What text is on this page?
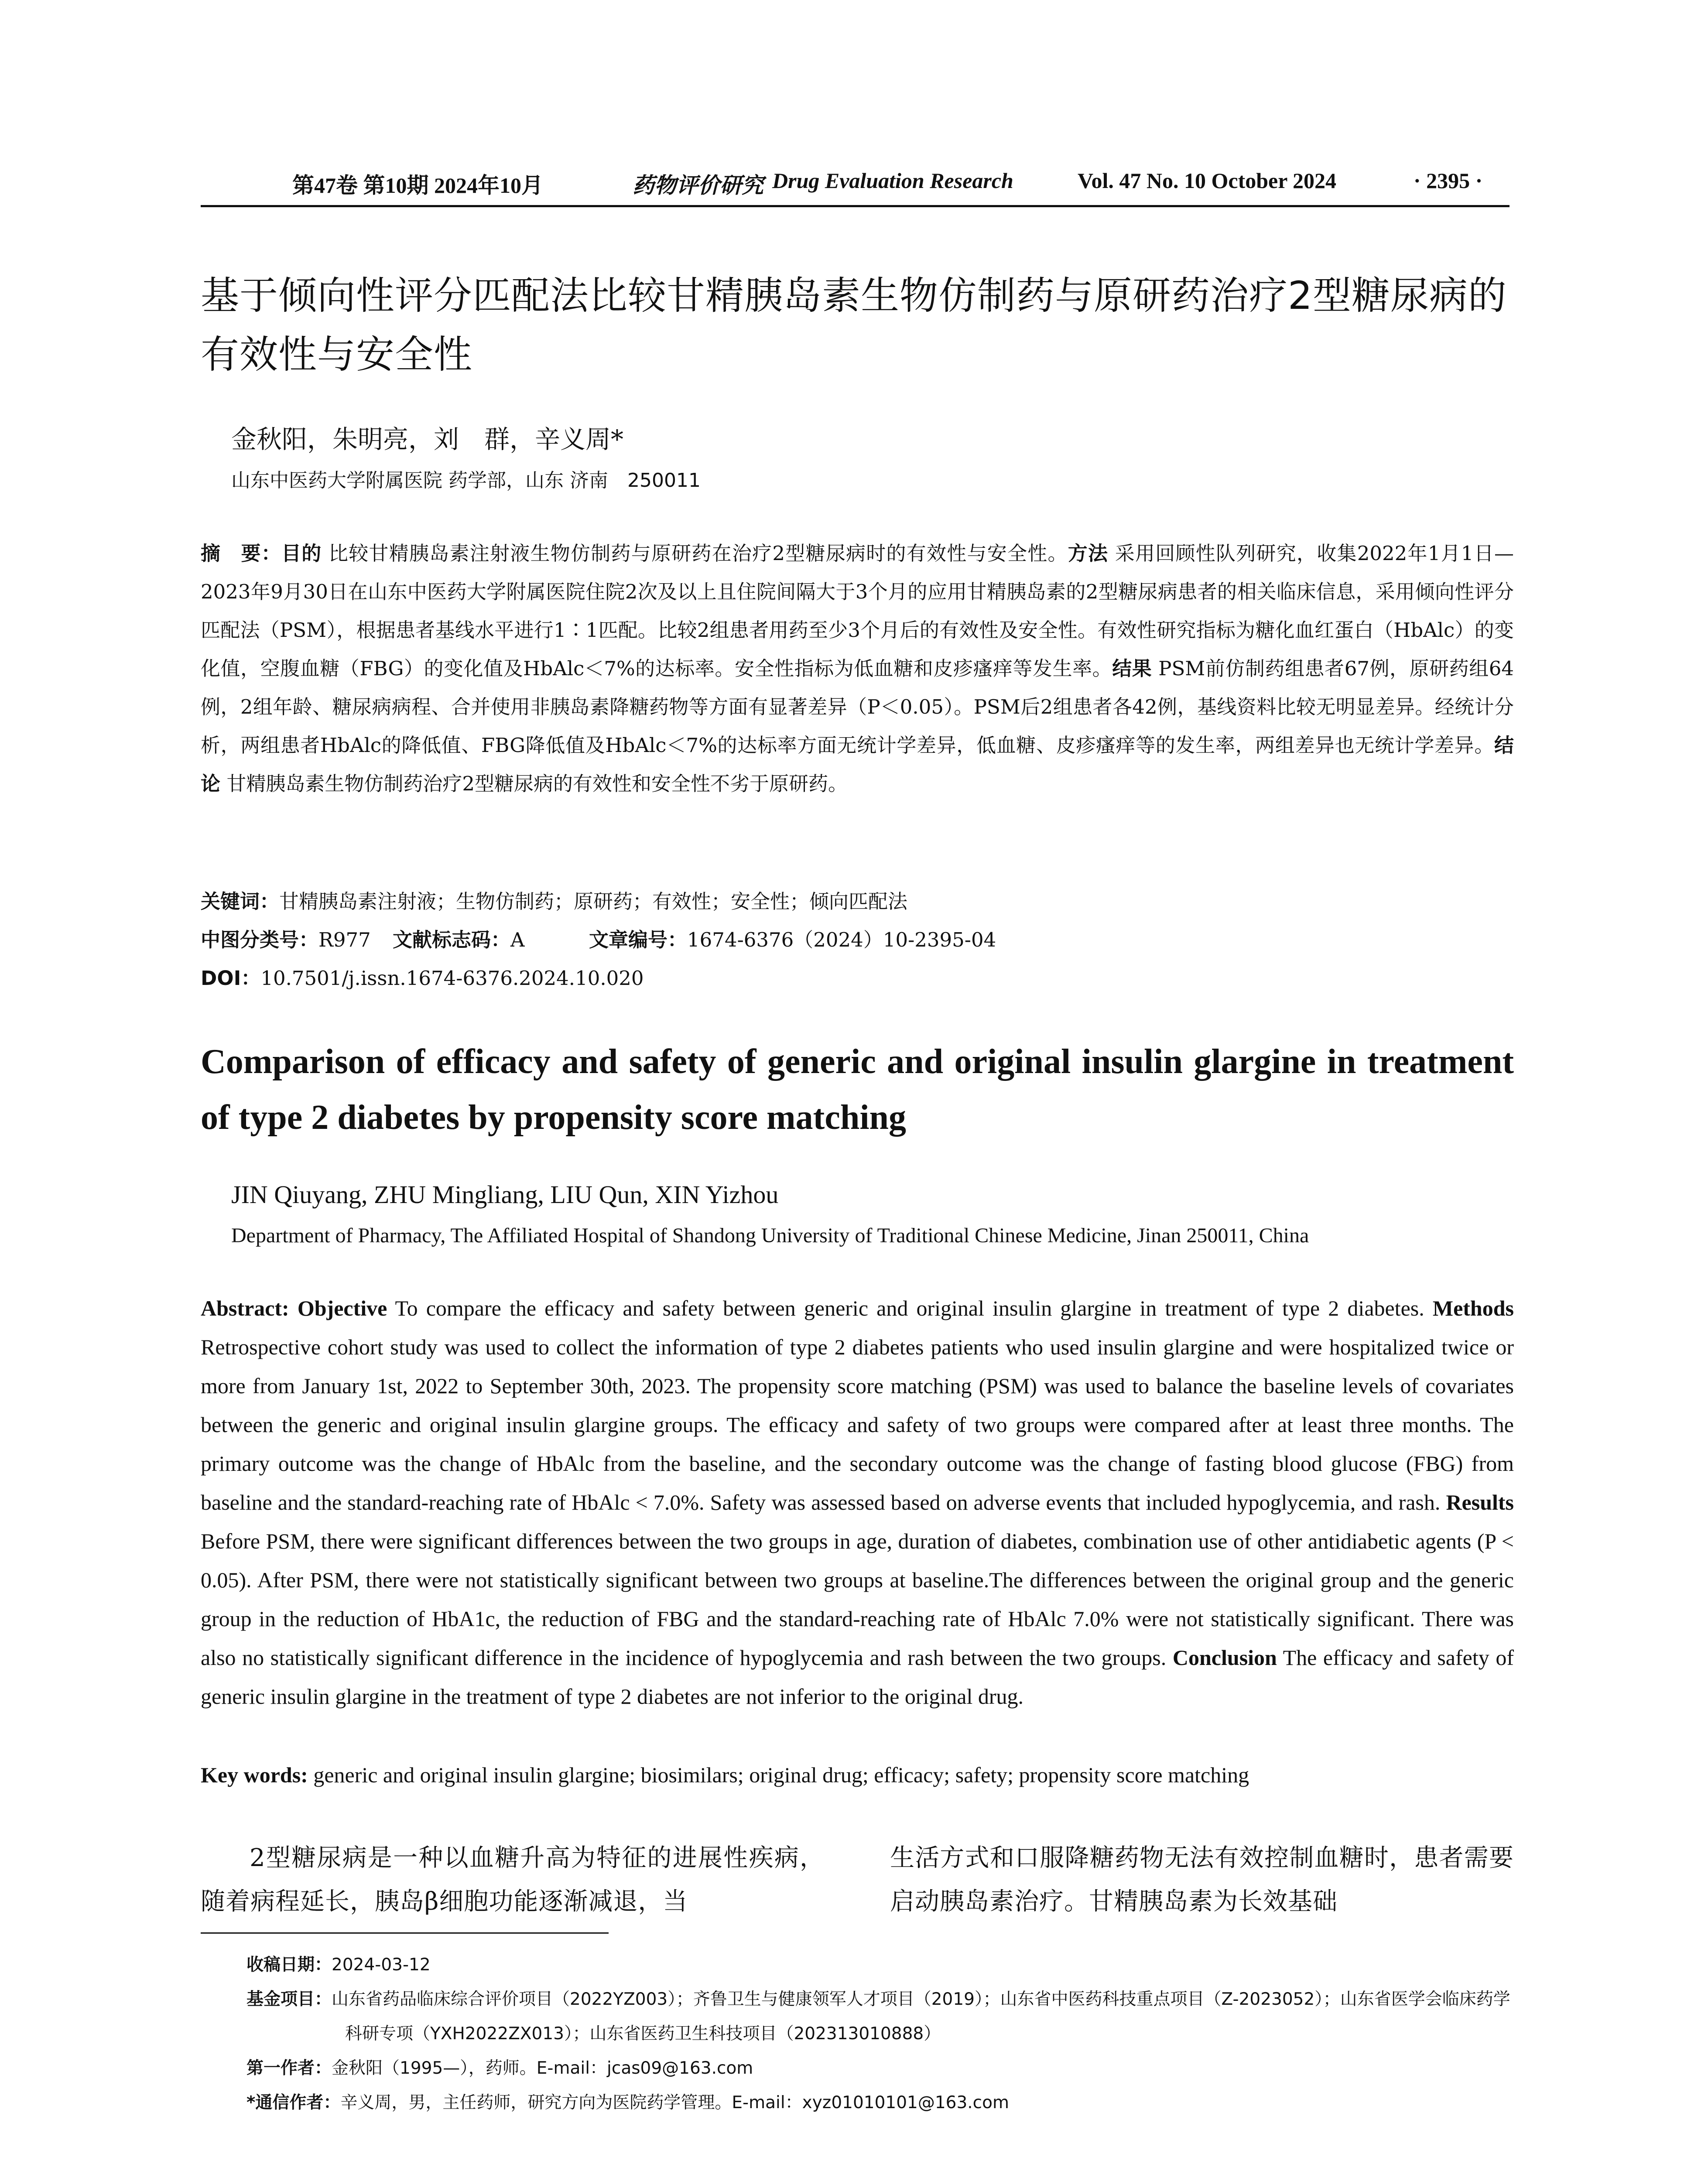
第47卷 第10期 2024年10月	药物评价研究 Drug Evaluation Research	Vol. 47 No. 10 October 2024	· 2395 ·
基于倾向性评分匹配法比较甘精胰岛素生物仿制药与原研药治疗2型糖尿病的有效性与安全性

金秋阳，朱明亮，刘　群，辛义周*

山东中医药大学附属医院 药学部，山东 济南　250011

摘　要：目的 比较甘精胰岛素注射液生物仿制药与原研药在治疗2型糖尿病时的有效性与安全性。方法 采用回顾性队列研究，收集2022年1月1日—2023年9月30日在山东中医药大学附属医院住院2次及以上且住院间隔大于3个月的应用甘精胰岛素的2型糖尿病患者的相关临床信息，采用倾向性评分匹配法（PSM），根据患者基线水平进行1∶1匹配。比较2组患者用药至少3个月后的有效性及安全性。有效性研究指标为糖化血红蛋白（HbAlc）的变化值，空腹血糖（FBG）的变化值及HbAlc＜7%的达标率。安全性指标为低血糖和皮疹瘙痒等发生率。结果 PSM前仿制药组患者67例，原研药组64例，2组年龄、糖尿病病程、合并使用非胰岛素降糖药物等方面有显著差异（P＜0.05）。PSM后2组患者各42例，基线资料比较无明显差异。经统计分析，两组患者HbAlc的降低值、FBG降低值及HbAlc＜7%的达标率方面无统计学差异，低血糖、皮疹瘙痒等的发生率，两组差异也无统计学差异。结论 甘精胰岛素生物仿制药治疗2型糖尿病的有效性和安全性不劣于原研药。

关键词：甘精胰岛素注射液；生物仿制药；原研药；有效性；安全性；倾向匹配法

中图分类号：R977 文献标志码：A	文章编号：1674-6376（2024）10-2395-04

DOI：10.7501/j.issn.1674-6376.2024.10.020

Comparison of efficacy and safety of generic and original insulin glargine in treatment of type 2 diabetes by propensity score matching

JIN Qiuyang, ZHU Mingliang, LIU Qun, XIN Yizhou

Department of Pharmacy, The Affiliated Hospital of Shandong University of Traditional Chinese Medicine, Jinan 250011, China

Abstract: Objective To compare the efficacy and safety between generic and original insulin glargine in treatment of type 2 diabetes. Methods Retrospective cohort study was used to collect the information of type 2 diabetes patients who used insulin glargine and were hospitalized twice or more from January 1st, 2022 to September 30th, 2023. The propensity score matching (PSM) was used to balance the baseline levels of covariates between the generic and original insulin glargine groups. The efficacy and safety of two groups were compared after at least three months. The primary outcome was the change of HbAlc from the baseline, and the secondary outcome was the change of fasting blood glucose (FBG) from baseline and the standard-reaching rate of HbAlc < 7.0%. Safety was assessed based on adverse events that included hypoglycemia, and rash. Results Before PSM, there were significant differences between the two groups in age, duration of diabetes, combination use of other antidiabetic agents (P < 0.05). After PSM, there were not statistically significant between two groups at baseline.The differences between the original group and the generic group in the reduction of HbA1c, the reduction of FBG and the standard-reaching rate of HbAlc 7.0% were not statistically significant. There was also no statistically significant difference in the incidence of hypoglycemia and rash between the two groups. Conclusion The efficacy and safety of generic insulin glargine in the treatment of type 2 diabetes are not inferior to the original drug.

Key words: generic and original insulin glargine; biosimilars; original drug; efficacy; safety; propensity score matching

2型糖尿病是一种以血糖升高为特征的进展性疾病，随着病程延长，胰岛β细胞功能逐渐减退，当

生活方式和口服降糖药物无法有效控制血糖时，患者需要启动胰岛素治疗。甘精胰岛素为长效基础

收稿日期：2024-03-12

基金项目：山东省药品临床综合评价项目（2022YZ003）；齐鲁卫生与健康领军人才项目（2019）；山东省中医药科技重点项目（Z-2023052）；山东省医学会临床药学科研专项（YXH2022ZX013）；山东省医药卫生科技项目（202313010888）

第一作者：金秋阳（1995—），药师。E-mail：jcas09@163.com

*通信作者：辛义周，男，主任药师，研究方向为医院药学管理。E-mail：xyz01010101@163.com
